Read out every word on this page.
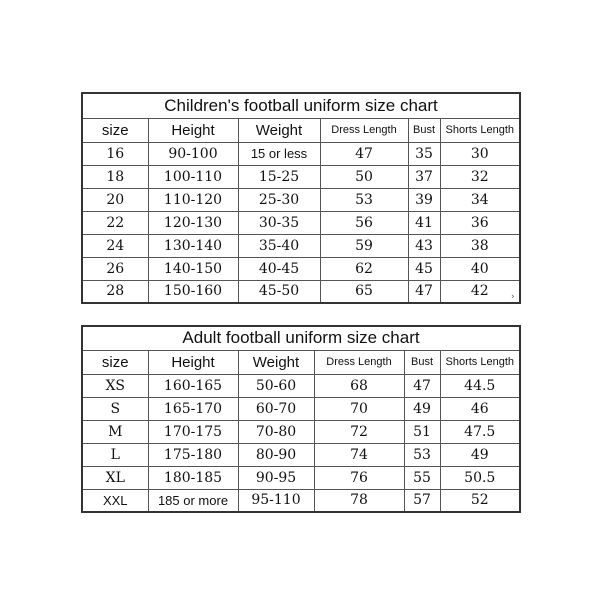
Children's football uniform size chart					
size	Height	Weight	Dress Length	Bust	Shorts Length
16	90-100	15 or less	47	35	30
18	100-110	15-25	50	37	32
20	110-120	25-30	53	39	34
22	120-130	30-35	56	41	36
24	130-140	35-40	59	43	38
26	140-150	40-45	62	45	40
28	150-160	45-50	65	47	42 ›
Adult football uniform size chart					
size	Height	Weight	Dress Length	Bust	Shorts Length
XS	160-165	50-60	68	47	44.5
S	165-170	60-70	70	49	46
M	170-175	70-80	72	51	47.5
L	175-180	80-90	74	53	49
XL	180-185	90-95	76	55	50.5
XXL	185 or more	95-110	78	57	52
